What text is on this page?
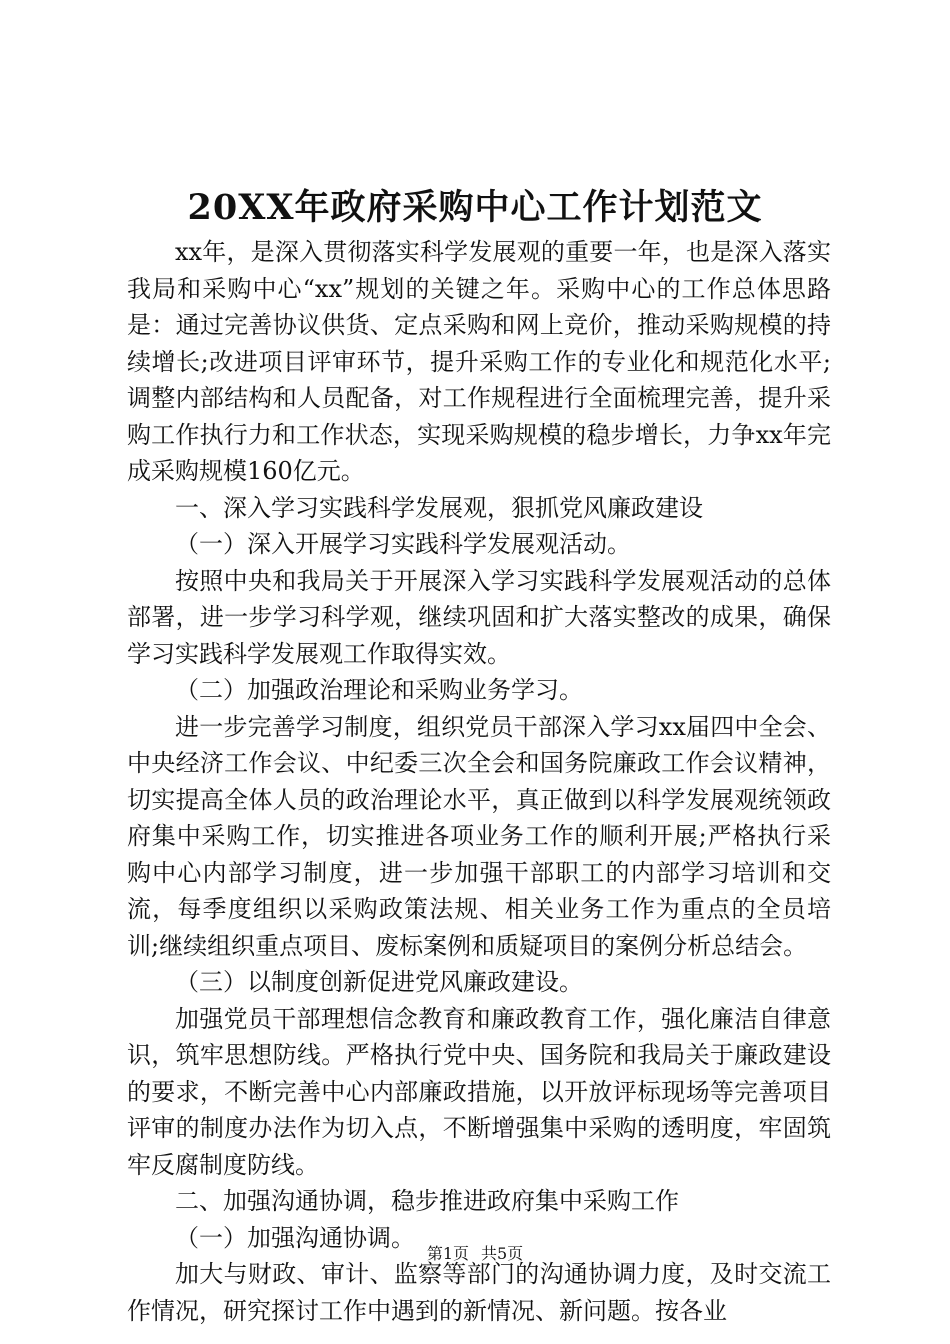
20XX年政府采购中心工作计划范文

xx年，是深入贯彻落实科学发展观的重要一年，也是深入落实我局和采购中心“xx”规划的关键之年。采购中心的工作总体思路是：通过完善协议供货、定点采购和网上竞价，推动采购规模的持续增长;改进项目评审环节，提升采购工作的专业化和规范化水平;调整内部结构和人员配备，对工作规程进行全面梳理完善，提升采购工作执行力和工作状态，实现采购规模的稳步增长，力争xx年完成采购规模160亿元。

一、深入学习实践科学发展观，狠抓党风廉政建设

（一）深入开展学习实践科学发展观活动。

按照中央和我局关于开展深入学习实践科学发展观活动的总体部署，进一步学习科学观，继续巩固和扩大落实整改的成果，确保学习实践科学发展观工作取得实效。

（二）加强政治理论和采购业务学习。

进一步完善学习制度，组织党员干部深入学习xx届四中全会、中央经济工作会议、中纪委三次全会和国务院廉政工作会议精神，切实提高全体人员的政治理论水平，真正做到以科学发展观统领政府集中采购工作，切实推进各项业务工作的顺利开展;严格执行采购中心内部学习制度，进一步加强干部职工的内部学习培训和交流，每季度组织以采购政策法规、相关业务工作为重点的全员培训;继续组织重点项目、废标案例和质疑项目的案例分析总结会。

（三）以制度创新促进党风廉政建设。

加强党员干部理想信念教育和廉政教育工作，强化廉洁自律意识，筑牢思想防线。严格执行党中央、国务院和我局关于廉政建设的要求，不断完善中心内部廉政措施，以开放评标现场等完善项目评审的制度办法作为切入点，不断增强集中采购的透明度，牢固筑牢反腐制度防线。

二、加强沟通协调，稳步推进政府集中采购工作

（一）加强沟通协调。

加大与财政、审计、监察等部门的沟通协调力度，及时交流工作情况，研究探讨工作中遇到的新情况、新问题。按各业

第1页 共5页
